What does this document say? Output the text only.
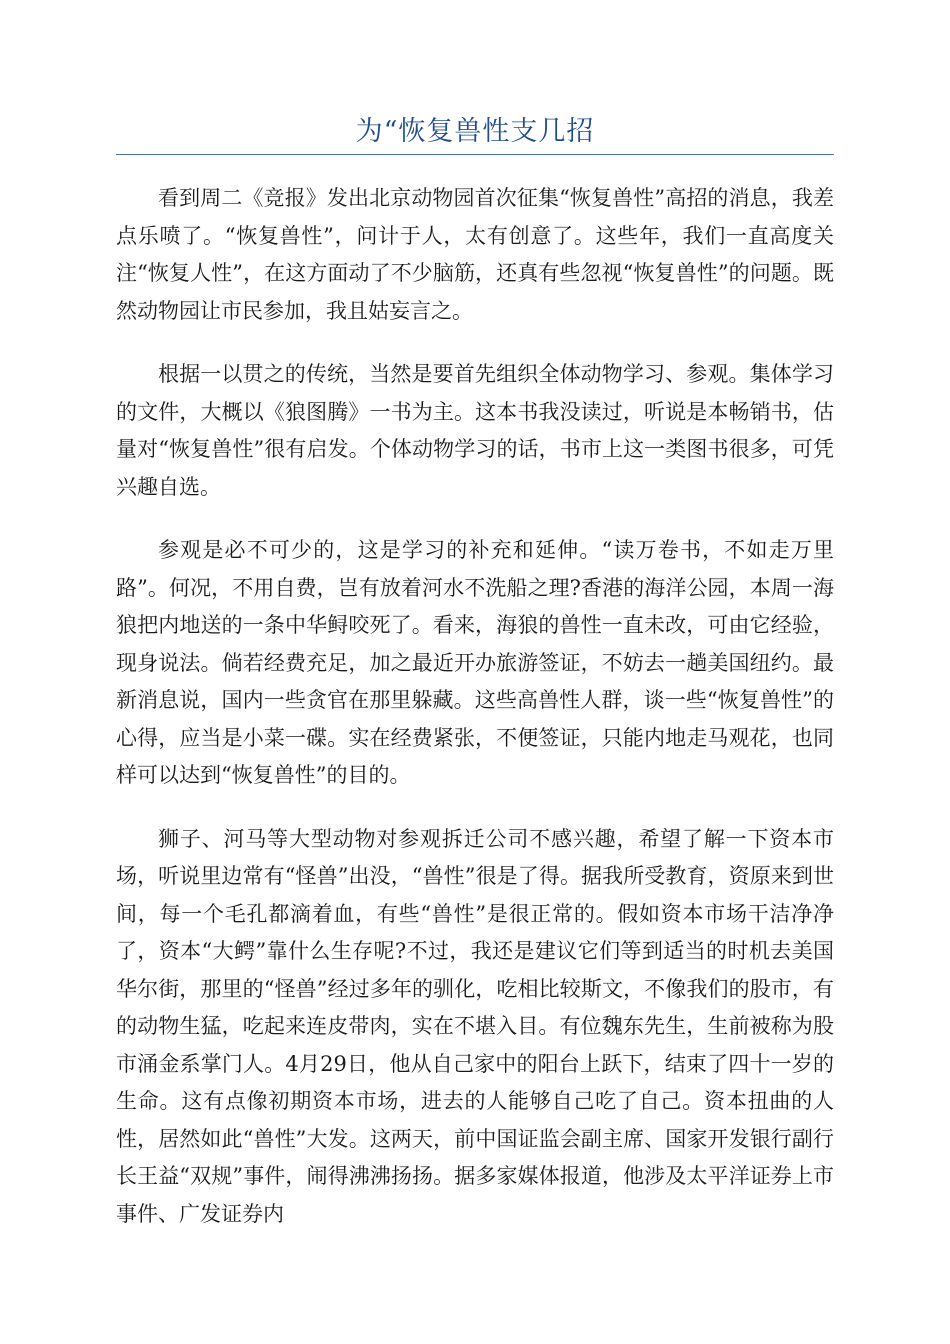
为“恢复兽性支几招

看到周二《竞报》发出北京动物园首次征集“恢复兽性”高招的消息，我差点乐喷了。“恢复兽性”，问计于人，太有创意了。这些年，我们一直高度关注“恢复人性”，在这方面动了不少脑筋，还真有些忽视“恢复兽性”的问题。既然动物园让市民参加，我且姑妄言之。

根据一以贯之的传统，当然是要首先组织全体动物学习、参观。集体学习的文件，大概以《狼图腾》一书为主。这本书我没读过，听说是本畅销书，估量对“恢复兽性”很有启发。个体动物学习的话，书市上这一类图书很多，可凭兴趣自选。

参观是必不可少的，这是学习的补充和延伸。“读万卷书，不如走万里路”。何况，不用自费，岂有放着河水不洗船之理?香港的海洋公园，本周一海狼把内地送的一条中华鲟咬死了。看来，海狼的兽性一直未改，可由它经验，现身说法。倘若经费充足，加之最近开办旅游签证，不妨去一趟美国纽约。最新消息说，国内一些贪官在那里躲藏。这些高兽性人群，谈一些“恢复兽性”的心得，应当是小菜一碟。实在经费紧张，不便签证，只能内地走马观花，也同样可以达到“恢复兽性”的目的。

狮子、河马等大型动物对参观拆迁公司不感兴趣，希望了解一下资本市场，听说里边常有“怪兽”出没，“兽性”很是了得。据我所受教育，资原来到世间，每一个毛孔都滴着血，有些“兽性”是很正常的。假如资本市场干洁净净了，资本“大鳄”靠什么生存呢?不过，我还是建议它们等到适当的时机去美国华尔街，那里的“怪兽”经过多年的驯化，吃相比较斯文，不像我们的股市，有的动物生猛，吃起来连皮带肉，实在不堪入目。有位魏东先生，生前被称为股市涌金系掌门人。4月29日，他从自己家中的阳台上跃下，结束了四十一岁的生命。这有点像初期资本市场，进去的人能够自己吃了自己。资本扭曲的人性，居然如此“兽性”大发。这两天，前中国证监会副主席、国家开发银行副行长王益“双规”事件，闹得沸沸扬扬。据多家媒体报道，他涉及太平洋证券上市事件、广发证券内
